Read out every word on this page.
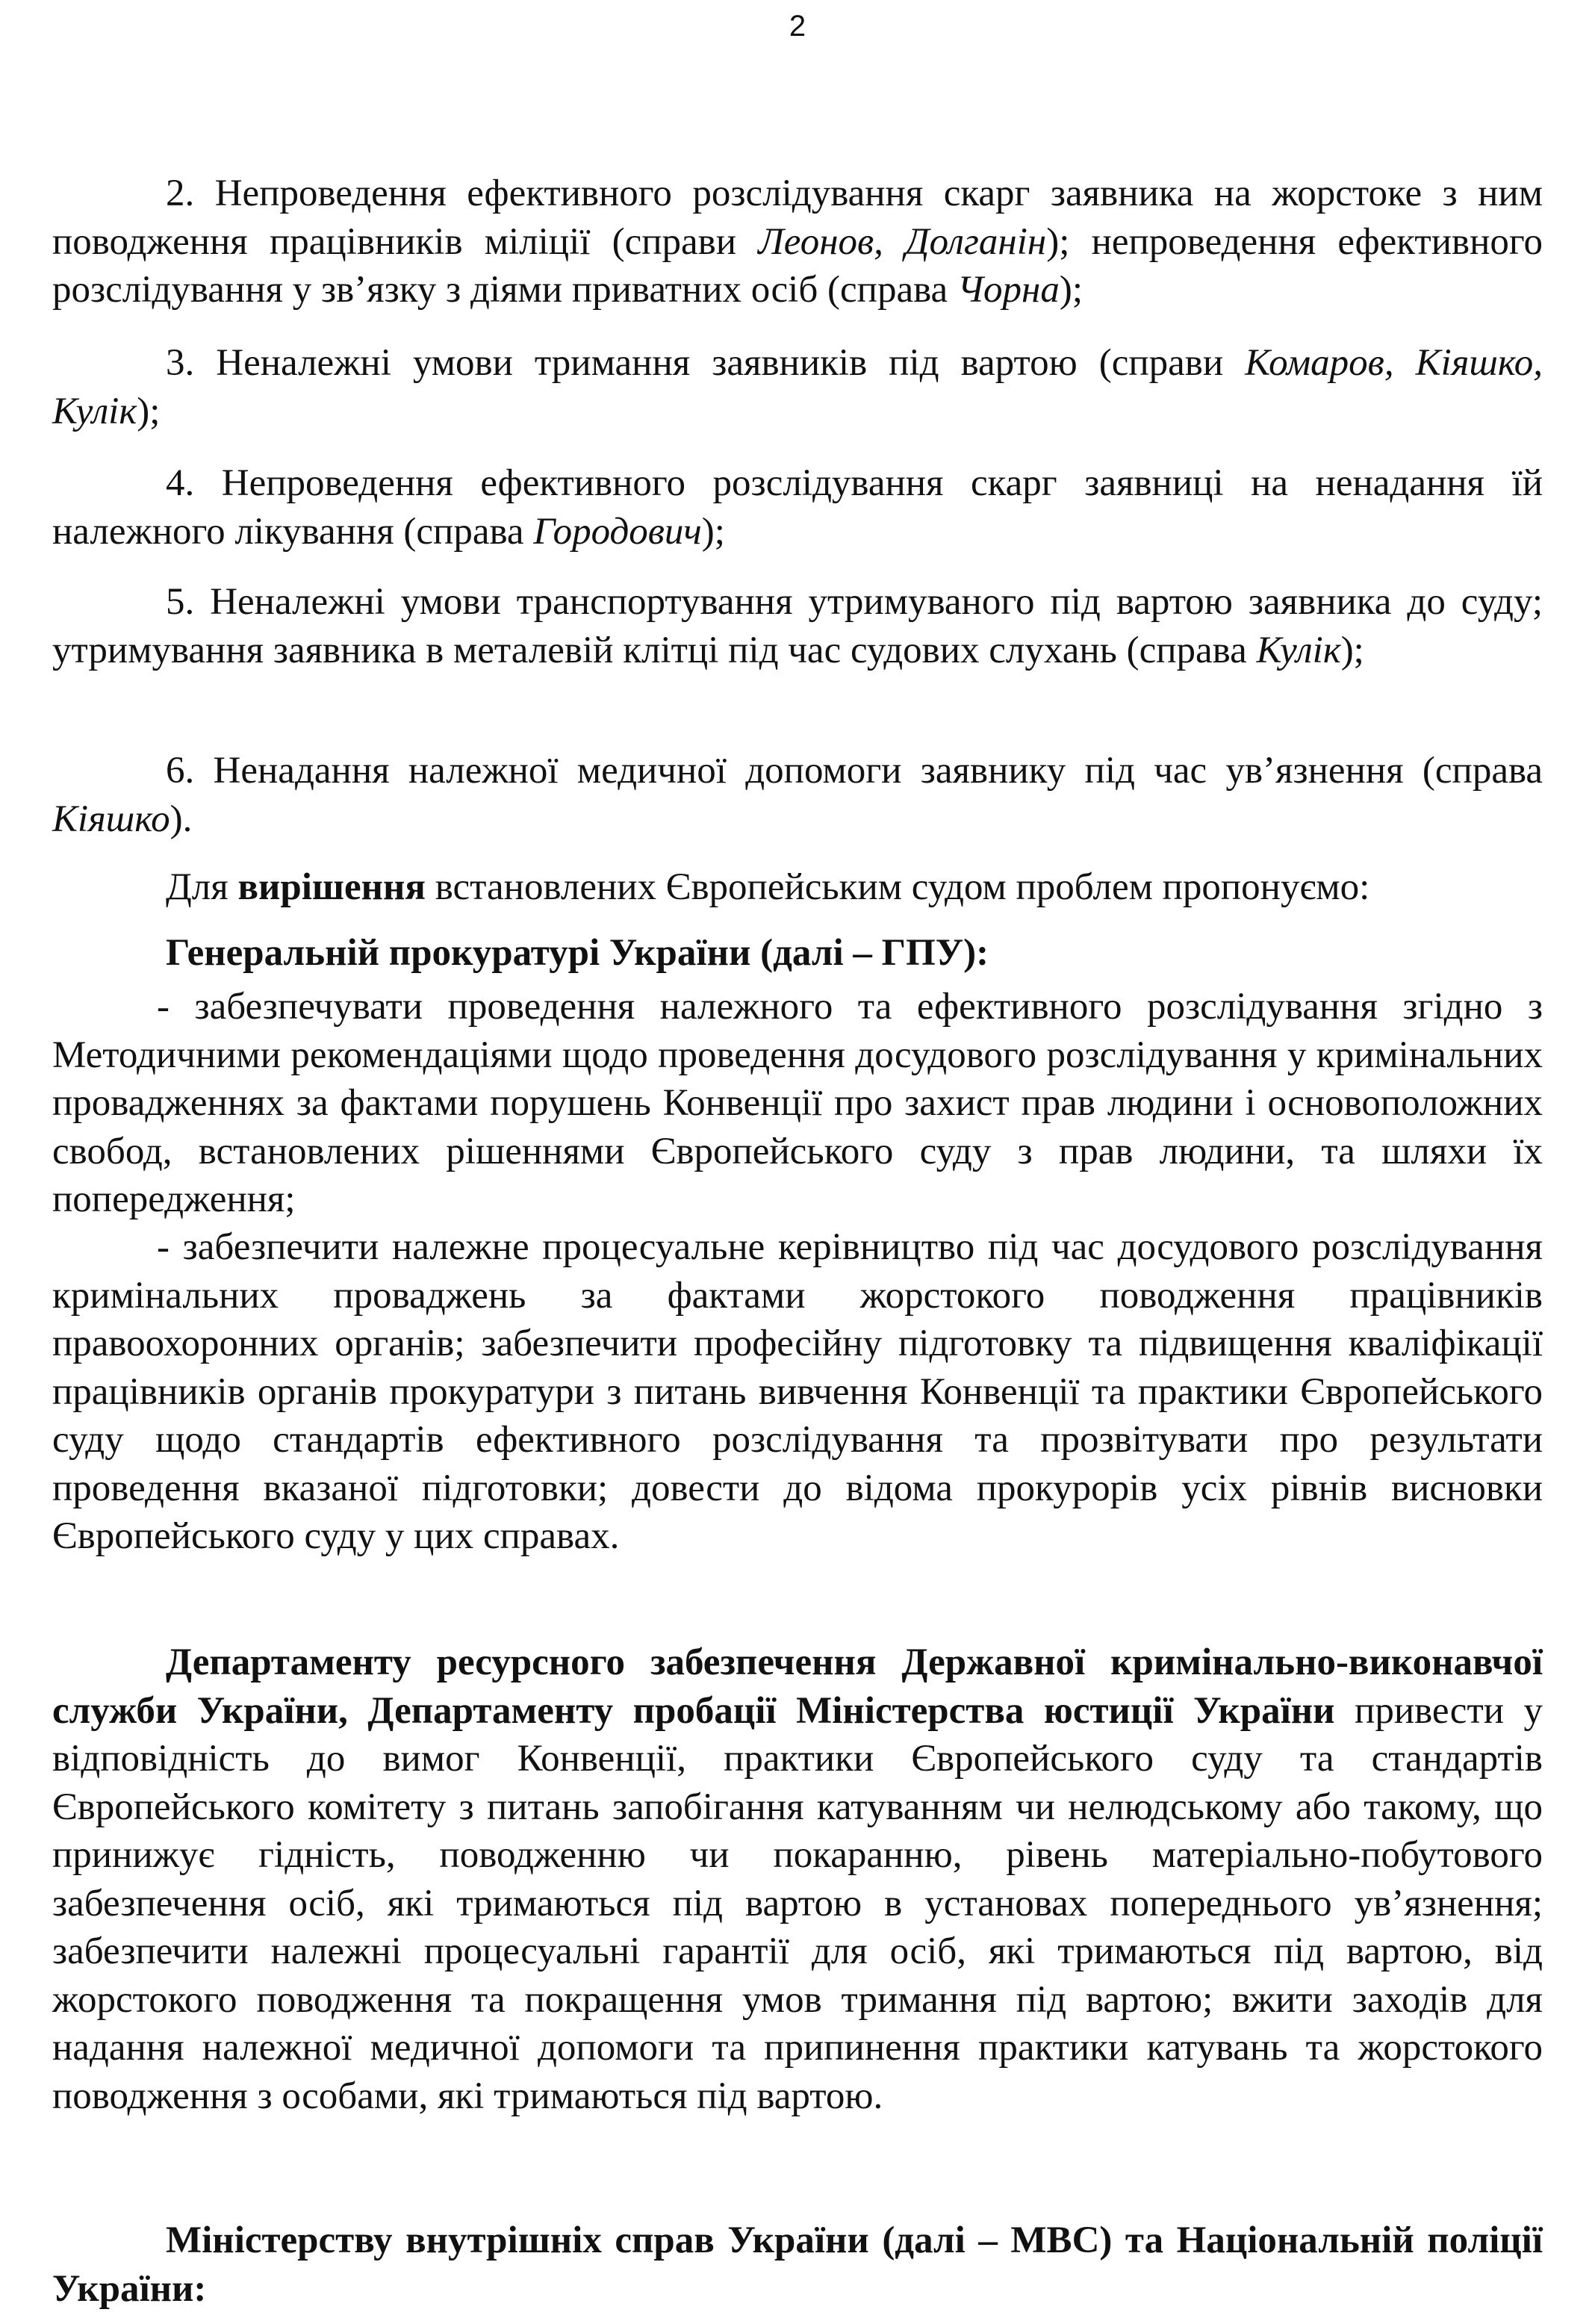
2

2. Непроведення ефективного розслідування скарг заявника на жорстоке з ним поводження працівників міліції (справи Леонов, Долганін); непроведення ефективного розслідування у зв’язку з діями приватних осіб (справа Чорна);

3. Неналежні умови тримання заявників під вартою (справи Комаров, Кіяшко, Кулік);

4. Непроведення ефективного розслідування скарг заявниці на ненадання їй належного лікування (справа Городович);

5. Неналежні умови транспортування утримуваного під вартою заявника до суду; утримування заявника в металевій клітці під час судових слухань (справа Кулік);

6. Ненадання належної медичної допомоги заявнику під час ув’язнення (справа Кіяшко).

Для вирішення встановлених Європейським судом проблем пропонуємо:

Генеральній прокуратурі України (далі – ГПУ):

- забезпечувати проведення належного та ефективного розслідування згідно з Методичними рекомендаціями щодо проведення досудового розслідування у кримінальних провадженнях за фактами порушень Конвенції про захист прав людини і основоположних свобод, встановлених рішеннями Європейського суду з прав людини, та шляхи їх попередження;

- забезпечити належне процесуальне керівництво під час досудового розслідування кримінальних проваджень за фактами жорстокого поводження працівників правоохоронних органів; забезпечити професійну підготовку та підвищення кваліфікації працівників органів прокуратури з питань вивчення Конвенції та практики Європейського суду щодо стандартів ефективного розслідування та прозвітувати про результати проведення вказаної підготовки; довести до відома прокурорів усіх рівнів висновки Європейського суду у цих справах.

Департаменту ресурсного забезпечення Державної кримінально-виконавчої служби України, Департаменту пробації Міністерства юстиції України привести у відповідність до вимог Конвенції, практики Європейського суду та стандартів Європейського комітету з питань запобігання катуванням чи нелюдському або такому, що принижує гідність, поводженню чи покаранню, рівень матеріально-побутового забезпечення осіб, які тримаються під вартою в установах попереднього ув’язнення; забезпечити належні процесуальні гарантії для осіб, які тримаються під вартою, від жорстокого поводження та покращення умов тримання під вартою; вжити заходів для надання належної медичної допомоги та припинення практики катувань та жорстокого поводження з особами, які тримаються під вартою.

Міністерству внутрішніх справ України (далі – МВС) та Національній поліції України:
